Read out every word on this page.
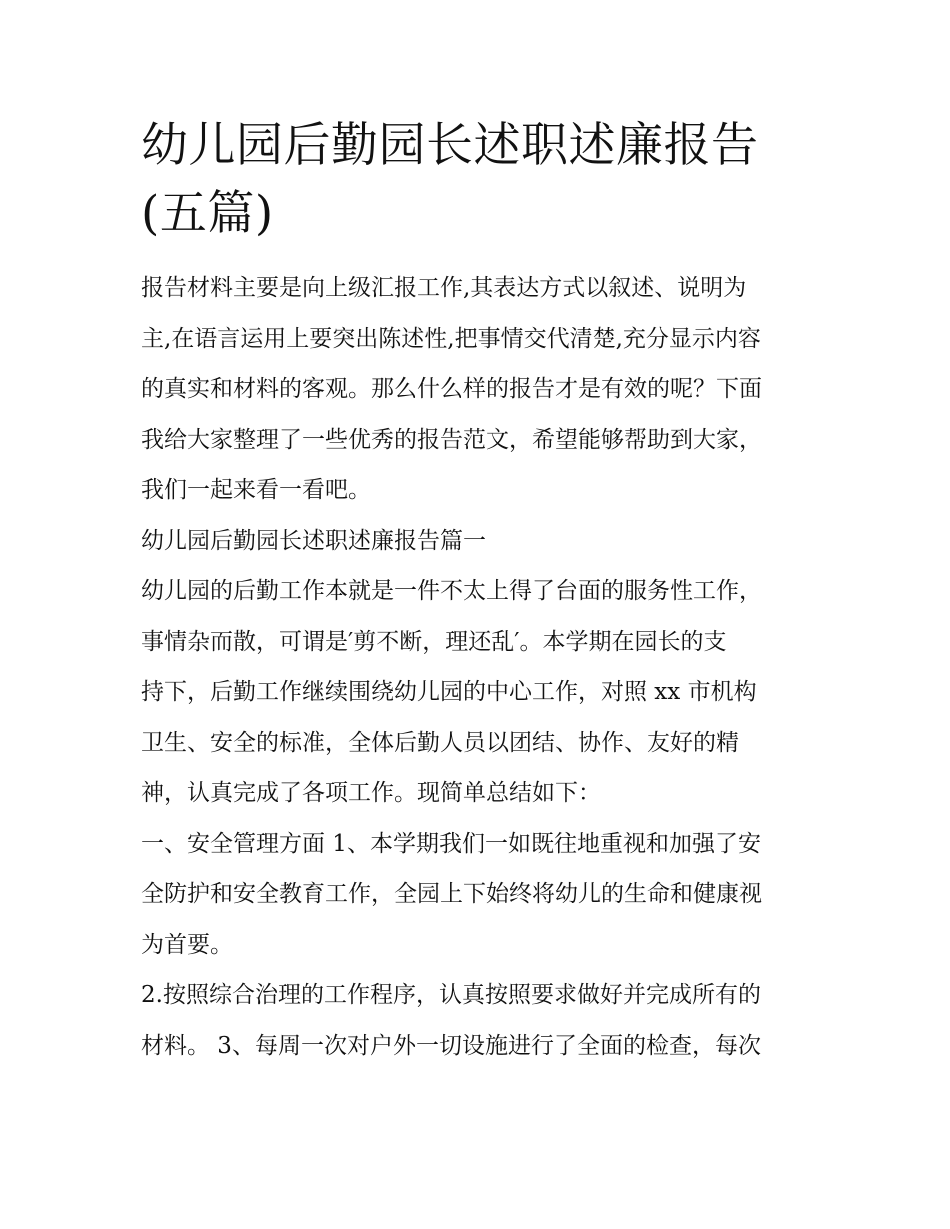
幼儿园后勤园长述职述廉报告
(五篇)
报告材料主要是向上级汇报工作,其表达方式以叙述、说明为
主,在语言运用上要突出陈述性,把事情交代清楚,充分显示内容
的真实和材料的客观。那么什么样的报告才是有效的呢？下面
我给大家整理了一些优秀的报告范文，希望能够帮助到大家，
我们一起来看一看吧。
幼儿园后勤园长述职述廉报告篇一
幼儿园的后勤工作本就是一件不太上得了台面的服务性工作，
事情杂而散，可谓是′剪不断，理还乱′。本学期在园长的支
持下，后勤工作继续围绕幼儿园的中心工作，对照 xx 市机构
卫生、安全的标准，全体后勤人员以团结、协作、友好的精
神，认真完成了各项工作。现简单总结如下：
一、安全管理方面 1、本学期我们一如既往地重视和加强了安
全防护和安全教育工作，全园上下始终将幼儿的生命和健康视
为首要。
2.按照综合治理的工作程序，认真按照要求做好并完成所有的
材料。 3、每周一次对户外一切设施进行了全面的检查，每次
